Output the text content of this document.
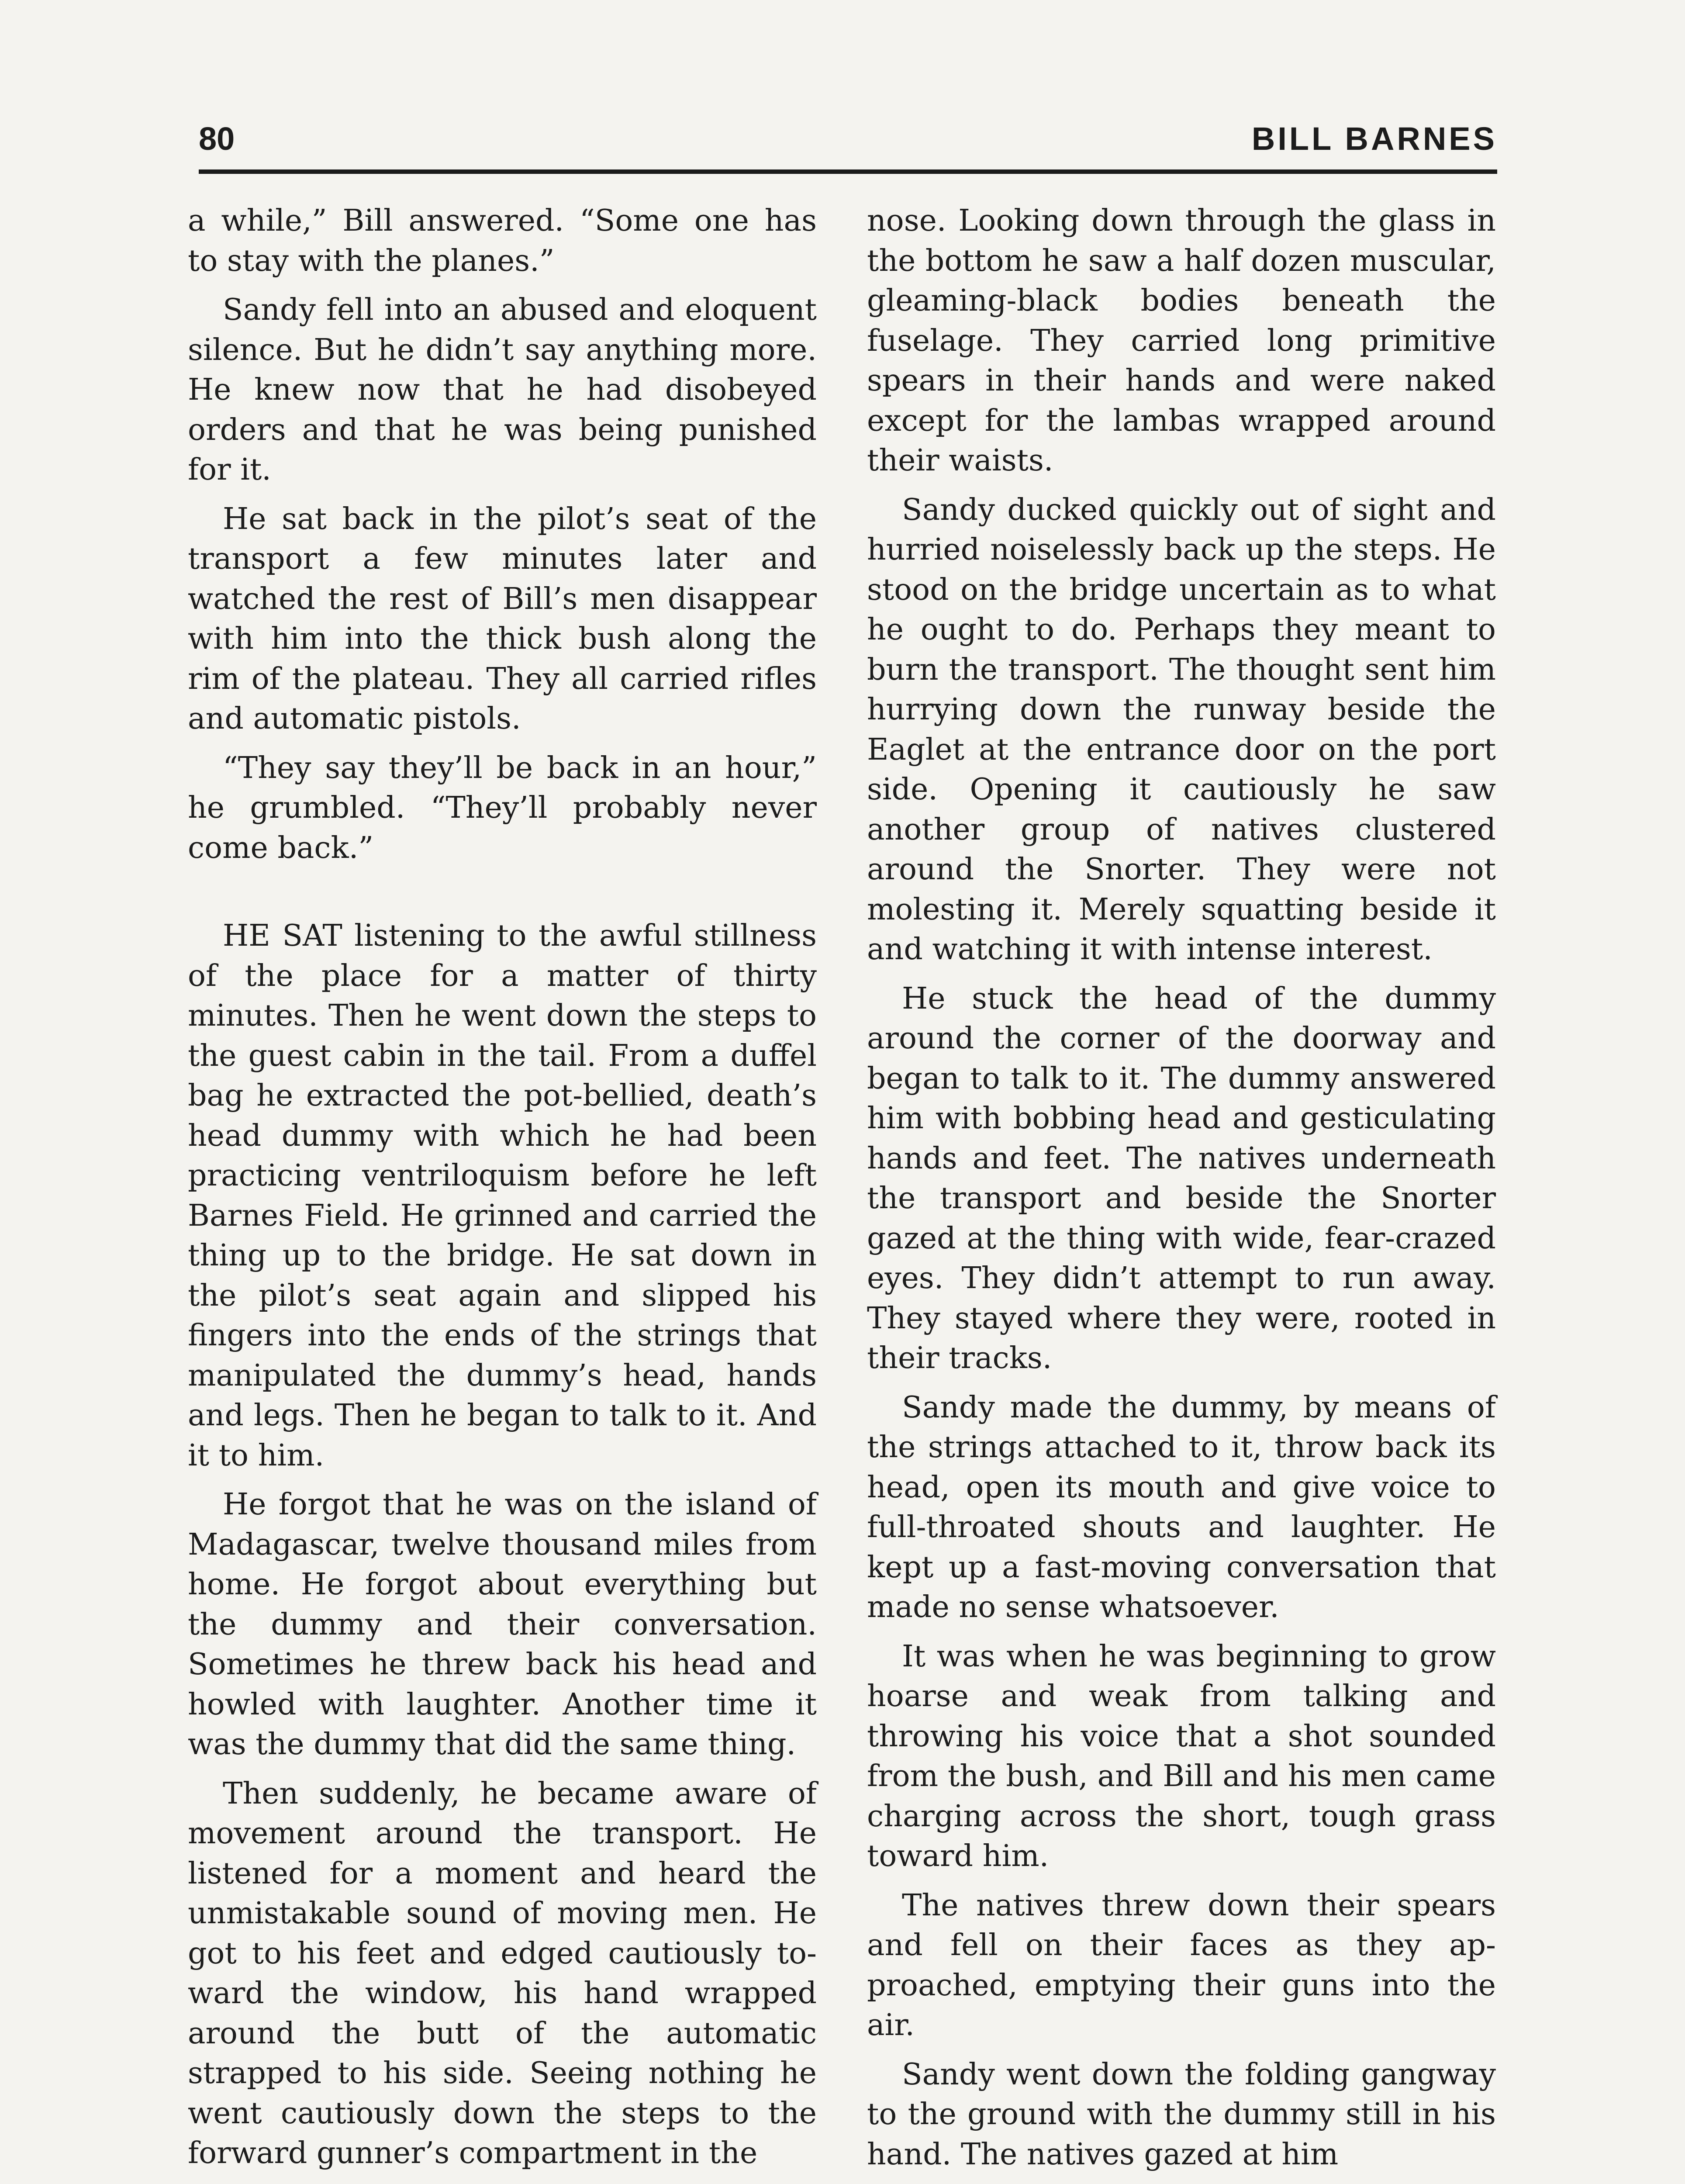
80	BILL BARNES

a while,” Bill answered. “Some one has to stay with the planes.”

Sandy fell into an abused and eloquent silence. But he didn’t say anything more. He knew now that he had disobeyed orders and that he was being punished for it.

He sat back in the pilot’s seat of the transport a few minutes later and watched the rest of Bill’s men disappear with him into the thick bush along the rim of the plateau. They all carried rifles and automatic pistols.

“They say they’ll be back in an hour,” he grumbled. “They’ll probably never come back.”

HE SAT listening to the awful stillness of the place for a matter of thirty minutes. Then he went down the steps to the guest cabin in the tail. From a duffel bag he extracted the pot-bellied, death’s head dummy with which he had been practicing ventriloquism before he left Barnes Field. He grinned and carried the thing up to the bridge. He sat down in the pilot’s seat again and slipped his fingers into the ends of the strings that manipulated the dummy’s head, hands and legs. Then he began to talk to it. And it to him.

He forgot that he was on the island of Madagascar, twelve thousand miles from home. He forgot about everything but the dummy and their conversation. Sometimes he threw back his head and howled with laughter. Another time it was the dummy that did the same thing.

Then suddenly, he became aware of movement around the transport. He listened for a moment and heard the unmistakable sound of moving men. He got to his feet and edged cautiously toward the window, his hand wrapped around the butt of the automatic strapped to his side. Seeing nothing he went cautiously down the steps to the forward gunner’s compartment in the

nose. Looking down through the glass in the bottom he saw a half dozen muscular, gleaming-black bodies beneath the fuselage. They carried long primitive spears in their hands and were naked except for the lambas wrapped around their waists.

Sandy ducked quickly out of sight and hurried noiselessly back up the steps. He stood on the bridge uncertain as to what he ought to do. Perhaps they meant to burn the transport. The thought sent him hurrying down the runway beside the Eaglet at the entrance door on the port side. Opening it cautiously he saw another group of natives clustered around the Snorter. They were not molesting it. Merely squatting beside it and watching it with intense interest.

He stuck the head of the dummy around the corner of the doorway and began to talk to it. The dummy answered him with bobbing head and gesticulating hands and feet. The natives underneath the transport and beside the Snorter gazed at the thing with wide, fear-crazed eyes. They didn’t attempt to run away. They stayed where they were, rooted in their tracks.

Sandy made the dummy, by means of the strings attached to it, throw back its head, open its mouth and give voice to full-throated shouts and laughter. He kept up a fast-moving conversation that made no sense whatsoever.

It was when he was beginning to grow hoarse and weak from talking and throwing his voice that a shot sounded from the bush, and Bill and his men came charging across the short, tough grass toward him.

The natives threw down their spears and fell on their faces as they approached, emptying their guns into the air.

Sandy went down the folding gangway to the ground with the dummy still in his hand. The natives gazed at him
